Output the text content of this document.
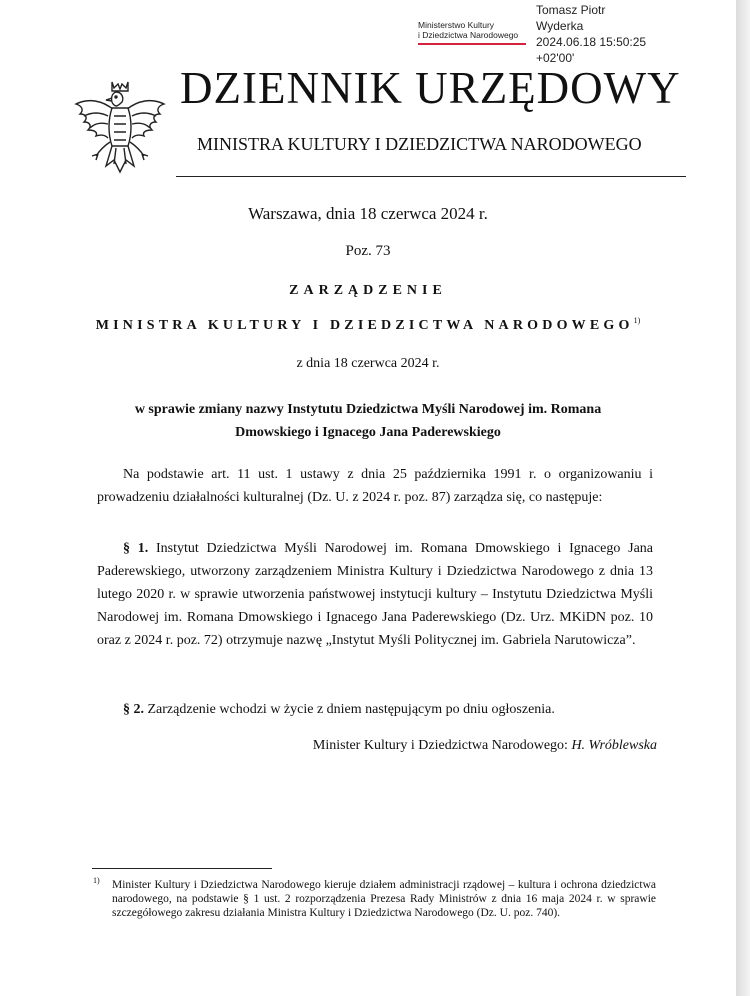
Tomasz Piotr
Wyderka
2024.06.18 15:50:25
+02'00'
Ministerstwo Kultury
i Dziedzictwa Narodowego
DZIENNIK URZĘDOWY
MINISTRA KULTURY I DZIEDZICTWA NARODOWEGO
Warszawa, dnia 18 czerwca 2024 r.
Poz. 73
ZARZĄDZENIE
MINISTRA KULTURY I DZIEDZICTWA NARODOWEGO$^{1)}$
z dnia 18 czerwca 2024 r.
w sprawie zmiany nazwy Instytutu Dziedzictwa Myśli Narodowej im. Romana
Dmowskiego i Ignacego Jana Paderewskiego
Na podstawie art. 11 ust. 1 ustawy z dnia 25 października 1991 r. o organizowaniu i prowadzeniu działalności kulturalnej (Dz. U. z 2024 r. poz. 87) zarządza się, co następuje:
§ 1. Instytut Dziedzictwa Myśli Narodowej im. Romana Dmowskiego i Ignacego Jana Paderewskiego, utworzony zarządzeniem Ministra Kultury i Dziedzictwa Narodowego z dnia 13 lutego 2020 r. w sprawie utworzenia państwowej instytucji kultury – Instytutu Dziedzictwa Myśli Narodowej im. Romana Dmowskiego i Ignacego Jana Paderewskiego (Dz. Urz. MKiDN poz. 10 oraz z 2024 r. poz. 72) otrzymuje nazwę „Instytut Myśli Politycznej im. Gabriela Narutowicza”.
§ 2. Zarządzenie wchodzi w życie z dniem następującym po dniu ogłoszenia.
Minister Kultury i Dziedzictwa Narodowego: H. Wróblewska
1) Minister Kultury i Dziedzictwa Narodowego kieruje działem administracji rządowej – kultura i ochrona dziedzictwa narodowego, na podstawie § 1 ust. 2 rozporządzenia Prezesa Rady Ministrów z dnia 16 maja 2024 r. w sprawie szczegółowego zakresu działania Ministra Kultury i Dziedzictwa Narodowego (Dz. U. poz. 740).
